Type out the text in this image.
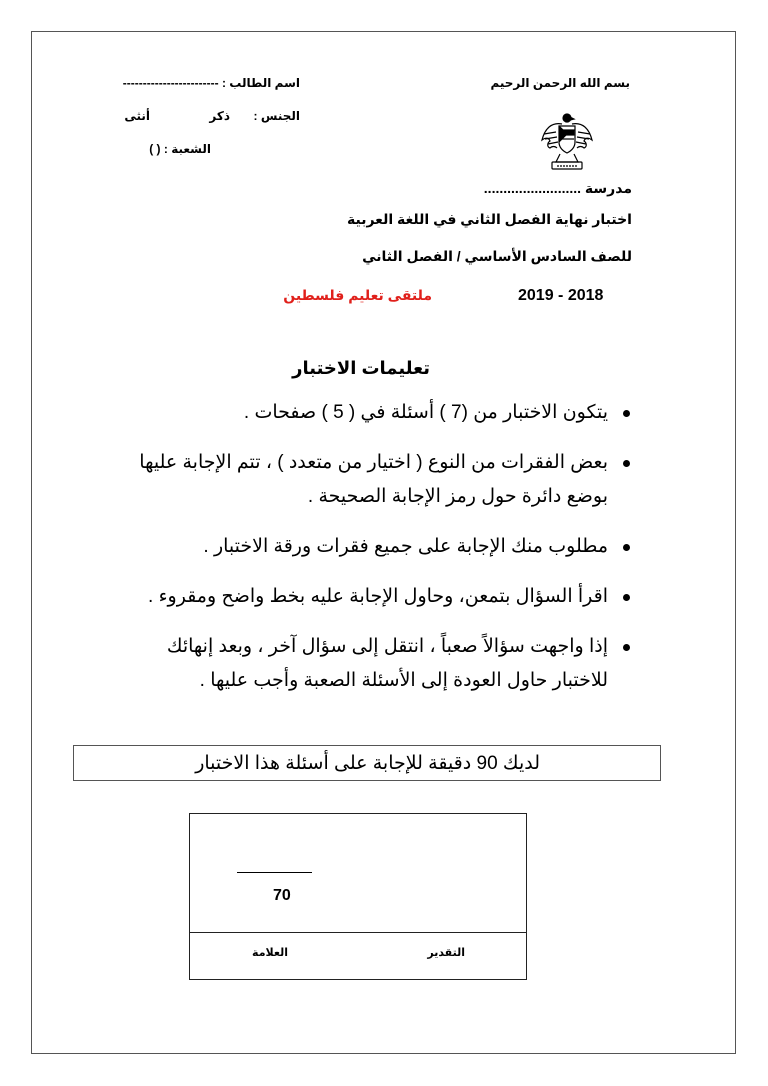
بسم الله الرحمن الرحيم
مدرسة .........................
اختبار نهاية الفصل الثاني في اللغة العربية
للصف السادس الأساسي / الفصل الثاني
2019 - 2018
ملتقى تعليم فلسطين
اسم الطالب : ------------------------
الجنس :
ذكر
أنثى
الشعبة : ( )
تعليمات الاختبار
يتكون الاختبار من (7 ) أسئلة في ( 5 ) صفحات .
بعض الفقرات من النوع ( اختيار من متعدد ) ، تتم الإجابة عليها بوضع دائرة حول رمز الإجابة الصحيحة .
مطلوب منك الإجابة على جميع فقرات ورقة الاختبار .
اقرأ السؤال بتمعن، وحاول الإجابة عليه بخط واضح ومقروء .
إذا واجهت سؤالاً صعباً ، انتقل إلى سؤال آخر ، وبعد إنهائك للاختبار حاول العودة إلى الأسئلة الصعبة وأجب عليها .
لديك 90 دقيقة للإجابة على أسئلة هذا الاختبار
70
التقدير
العلامة
